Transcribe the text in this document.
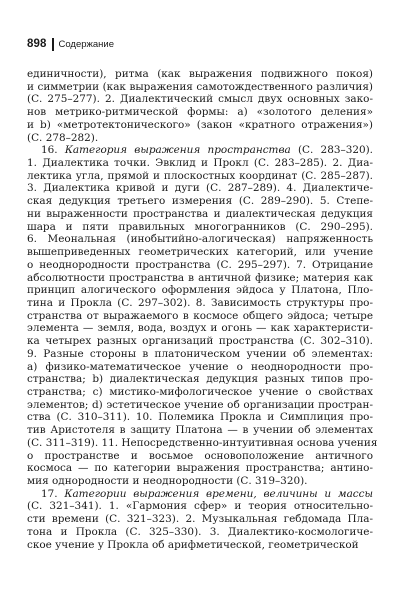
898 Содержание
единичности), ритма (как выражения подвижного покоя)
и симметрии (как выражения самотождественного различия)
(С. 275–277). 2. Диалектический смысл двух основных зако-
нов метрико-ритмической формы: а) «золотого деления»
и b) «метротектонического» (закон «кратного отражения»)
(С. 278–282).
16. Категория выражения пространства (С. 283–320).
1. Диалектика точки. Эвклид и Прокл (С. 283–285). 2. Диа-
лектика угла, прямой и плоскостных координат (С. 285–287).
3. Диалектика кривой и дуги (С. 287–289). 4. Диалектиче-
ская дедукция третьего измерения (С. 289–290). 5. Степе-
ни выраженности пространства и диалектическая дедукция
шара и пяти правильных многогранников (С. 290–295).
6. Меональная (инобытийно-алогическая) напряженность
вышеприведенных геометрических категорий, или учение
о неоднородности пространства (С. 295–297). 7. Отрицание
абсолютности пространства в античной физике; материя как
принцип алогического оформления эйдоса у Платона, Пло-
тина и Прокла (С. 297–302). 8. Зависимость структуры про-
странства от выражаемого в космосе общего эйдоса; четыре
элемента — земля, вода, воздух и огонь — как характеристи-
ка четырех разных организаций пространства (С. 302–310).
9. Разные стороны в платоническом учении об элементах:
а) физико-математическое учение о неоднородности про-
странства; b) диалектическая дедукция разных типов про-
странства; с) мистико-мифологическое учение о свойствах
элементов; d) эстетическое учение об организации простран-
ства (С. 310–311). 10. Полемика Прокла и Симплиция про-
тив Аристотеля в защиту Платона — в учении об элементах
(С. 311–319). 11. Непосредственно-интуитивная основа учения
о пространстве и восьмое основоположение античного
космоса — по категории выражения пространства; антино-
мия однородности и неоднородности (С. 319–320).
17. Категории выражения времени, величины и массы
(С. 321–341). 1. «Гармония сфер» и теория относительно-
сти времени (С. 321–323). 2. Музыкальная гебдомада Пла-
тона и Прокла (С. 325–330). 3. Диалектико-космологиче-
ское учение у Прокла об арифметической, геометрической
